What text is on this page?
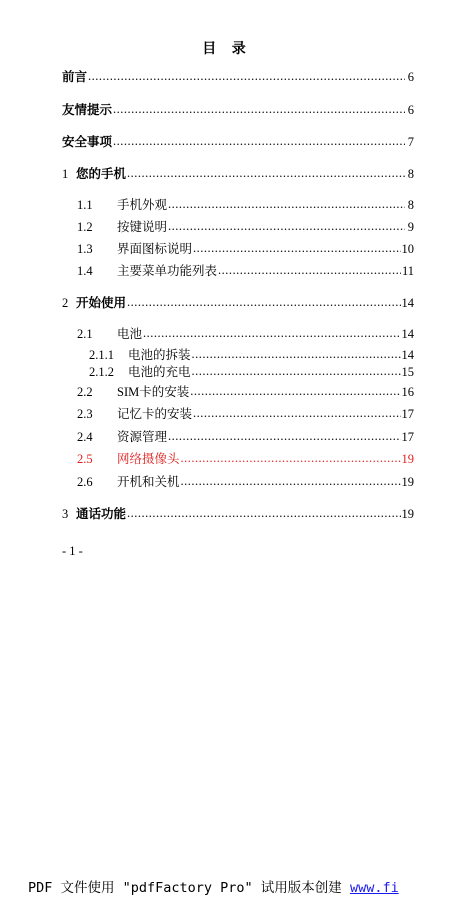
目 录
前言 .....	6
友情提示 .....	6
安全事项 .....	7
1 您的手机 .....	8
1.1	手机外观 .....	8
1.2	按键说明 .....	9
1.3	界面图标说明 .....	10
1.4	主要菜单功能列表 .....	11
2 开始使用 .....	14
2.1	电池 .....	14
2.1.1	电池的拆装 .....	14
2.1.2	电池的充电 .....	15
2.2	SIM卡的安装 .....	16
2.3	记忆卡的安装 .....	17
2.4	资源管理 .....	17
2.5	网络摄像头 .....	19
2.6	开机和关机 .....	19
3 通话功能 .....	19
- 1 -
PDF 文件使用 "pdfFactory Pro" 试用版本创建 www.fi
